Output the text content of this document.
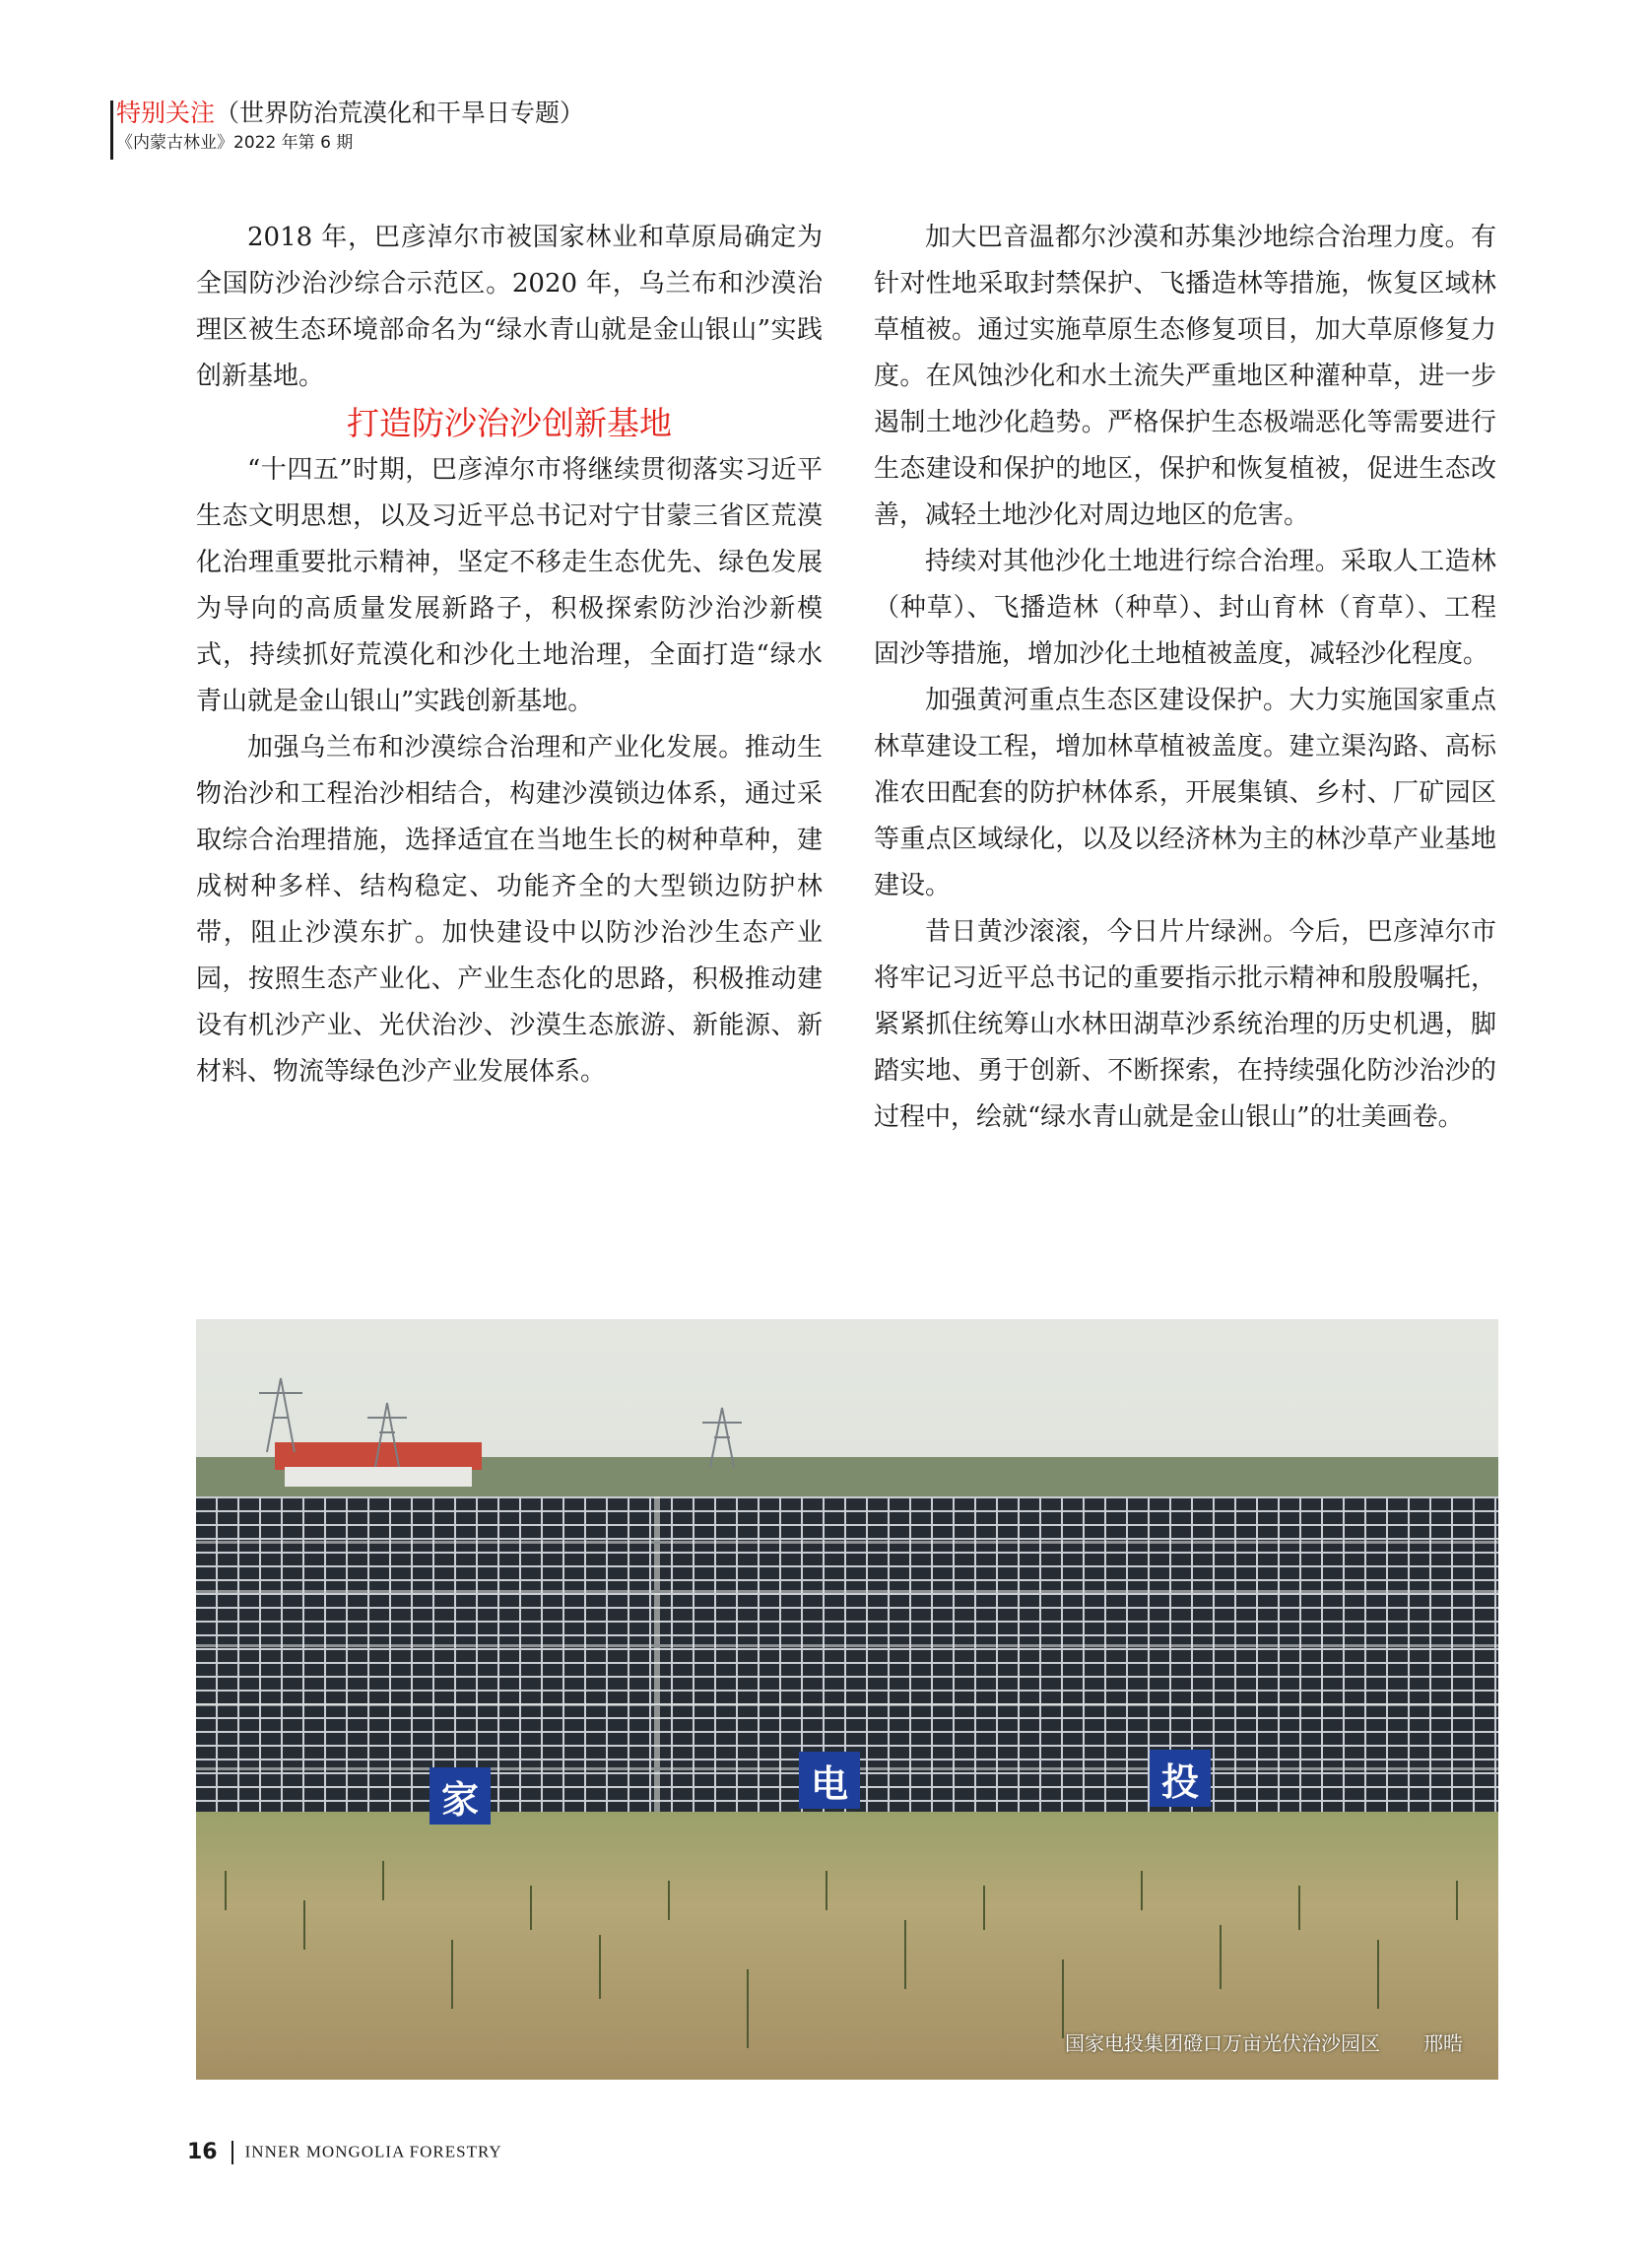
特别关注（世界防治荒漠化和干旱日专题）
《内蒙古林业》2022 年第 6 期

2018 年，巴彦淖尔市被国家林业和草原局确定为全国防沙治沙综合示范区。2020 年，乌兰布和沙漠治理区被生态环境部命名为“绿水青山就是金山银山”实践创新基地。

打造防沙治沙创新基地

“十四五”时期，巴彦淖尔市将继续贯彻落实习近平生态文明思想，以及习近平总书记对宁甘蒙三省区荒漠化治理重要批示精神，坚定不移走生态优先、绿色发展为导向的高质量发展新路子，积极探索防沙治沙新模式，持续抓好荒漠化和沙化土地治理，全面打造“绿水青山就是金山银山”实践创新基地。

加强乌兰布和沙漠综合治理和产业化发展。推动生物治沙和工程治沙相结合，构建沙漠锁边体系，通过采取综合治理措施，选择适宜在当地生长的树种草种，建成树种多样、结构稳定、功能齐全的大型锁边防护林带，阻止沙漠东扩。加快建设中以防沙治沙生态产业园，按照生态产业化、产业生态化的思路，积极推动建设有机沙产业、光伏治沙、沙漠生态旅游、新能源、新材料、物流等绿色沙产业发展体系。

加大巴音温都尔沙漠和苏集沙地综合治理力度。有针对性地采取封禁保护、飞播造林等措施，恢复区域林草植被。通过实施草原生态修复项目，加大草原修复力度。在风蚀沙化和水土流失严重地区种灌种草，进一步遏制土地沙化趋势。严格保护生态极端恶化等需要进行生态建设和保护的地区，保护和恢复植被，促进生态改善，减轻土地沙化对周边地区的危害。

持续对其他沙化土地进行综合治理。采取人工造林（种草）、飞播造林（种草）、封山育林（育草）、工程固沙等措施，增加沙化土地植被盖度，减轻沙化程度。

加强黄河重点生态区建设保护。大力实施国家重点林草建设工程，增加林草植被盖度。建立渠沟路、高标准农田配套的防护林体系，开展集镇、乡村、厂矿园区等重点区域绿化，以及以经济林为主的林沙草产业基地建设。

昔日黄沙滚滚，今日片片绿洲。今后，巴彦淖尔市将牢记习近平总书记的重要指示批示精神和殷殷嘱托，紧紧抓住统筹山水林田湖草沙系统治理的历史机遇，脚踏实地、勇于创新、不断探索，在持续强化防沙治沙的过程中，绘就“绿水青山就是金山银山”的壮美画卷。

家	电	投
国家电投集团磴口万亩光伏治沙园区 邢晧
16 INNER MONGOLIA FORESTRY
